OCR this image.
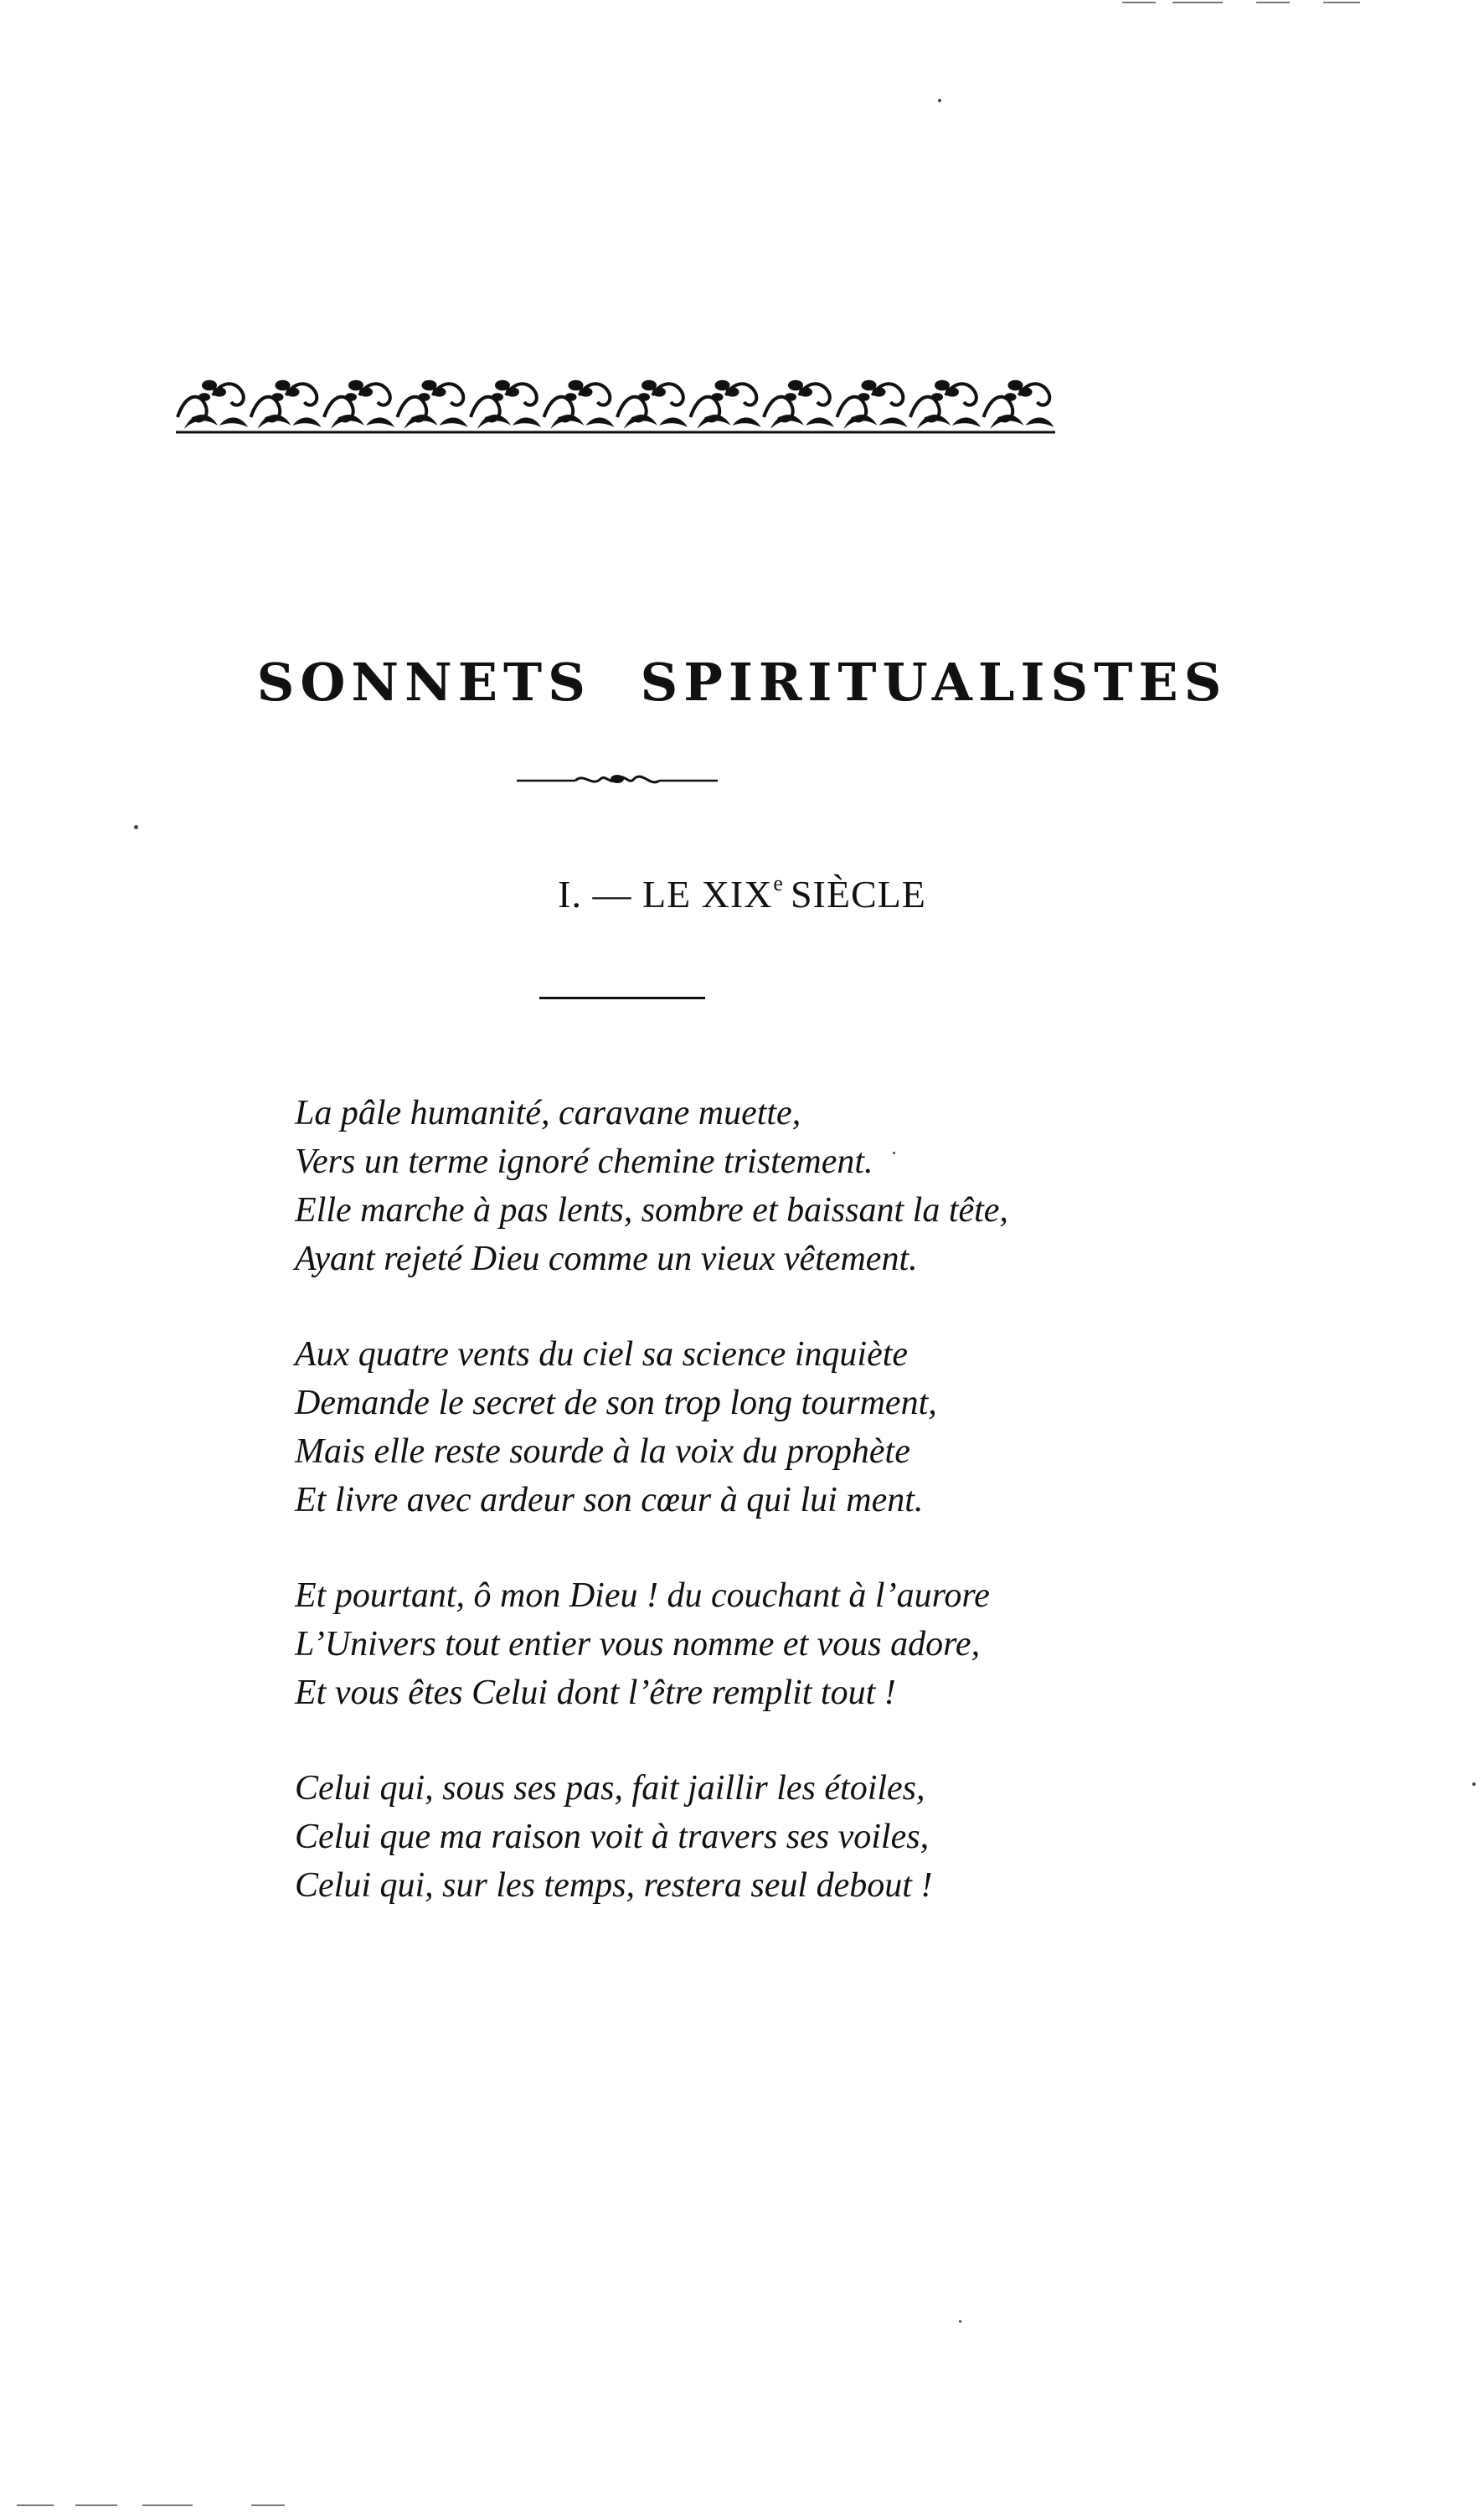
SONNETS SPIRITUALISTES
I. — LE XIXe SIÈCLE
La pâle humanité, caravane muette,
Vers un terme ignoré chemine tristement.
Elle marche à pas lents, sombre et baissant la tête,
Ayant rejeté Dieu comme un vieux vêtement.
Aux quatre vents du ciel sa science inquiète
Demande le secret de son trop long tourment,
Mais elle reste sourde à la voix du prophète
Et livre avec ardeur son cœur à qui lui ment.
Et pourtant, ô mon Dieu ! du couchant à l’aurore
L’Univers tout entier vous nomme et vous adore,
Et vous êtes Celui dont l’être remplit tout !
Celui qui, sous ses pas, fait jaillir les étoiles,
Celui que ma raison voit à travers ses voiles,
Celui qui, sur les temps, restera seul debout !
